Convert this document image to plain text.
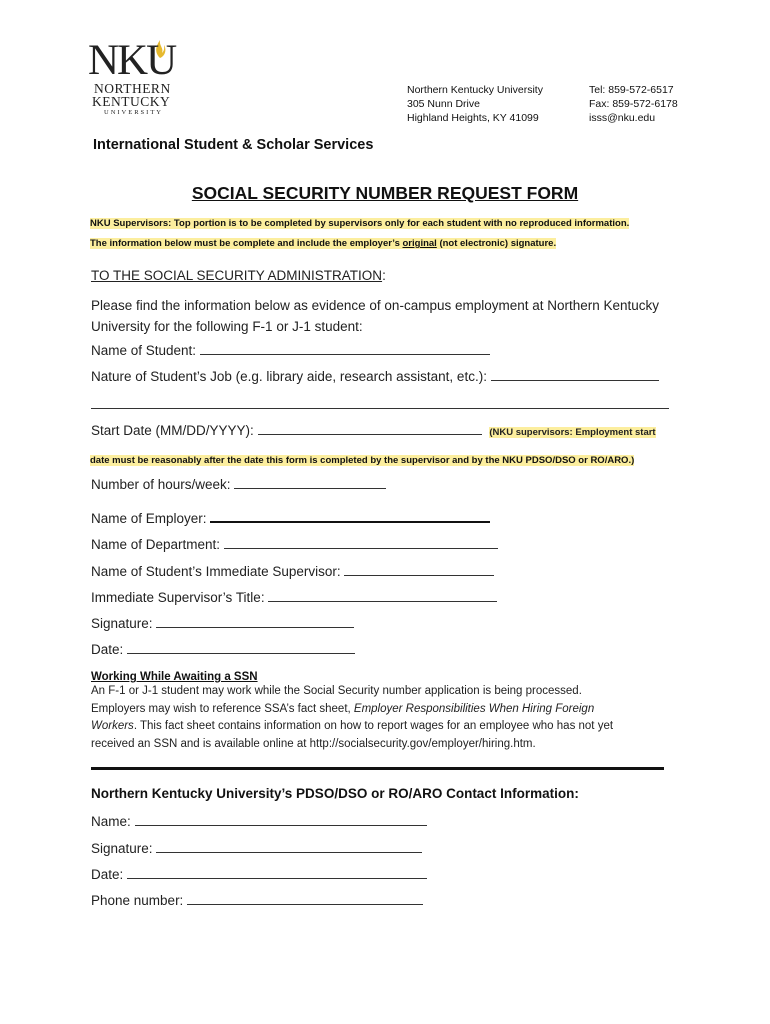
NKU
NORTHERN
KENTUCKY
UNIVERSITY
Northern Kentucky University
305 Nunn Drive
Highland Heights, KY 41099
Tel: 859-572-6517
Fax: 859-572-6178
isss@nku.edu
International Student & Scholar Services
SOCIAL SECURITY NUMBER REQUEST FORM
NKU Supervisors: Top portion is to be completed by supervisors only for each student with no reproduced information.
The information below must be complete and include the employer’s original (not electronic) signature.
TO THE SOCIAL SECURITY ADMINISTRATION:
Please find the information below as evidence of on-campus employment at Northern Kentucky
University for the following F-1 or J-1 student:
Name of Student:
Nature of Student’s Job (e.g. library aide, research assistant, etc.):
Start Date (MM/DD/YYYY):	(NKU supervisors: Employment start
date must be reasonably after the date this form is completed by the supervisor and by the NKU PDSO/DSO or RO/ARO.)
Number of hours/week:
Name of Employer:
Name of Department:
Name of Student’s Immediate Supervisor:
Immediate Supervisor’s Title:
Signature:
Date:
Working While Awaiting a SSN
An F-1 or J-1 student may work while the Social Security number application is being processed.
Employers may wish to reference SSA’s fact sheet, Employer Responsibilities When Hiring Foreign
Workers. This fact sheet contains information on how to report wages for an employee who has not yet
received an SSN and is available online at http://socialsecurity.gov/employer/hiring.htm.
Northern Kentucky University’s PDSO/DSO or RO/ARO Contact Information:
Name:
Signature:
Date:
Phone number:
